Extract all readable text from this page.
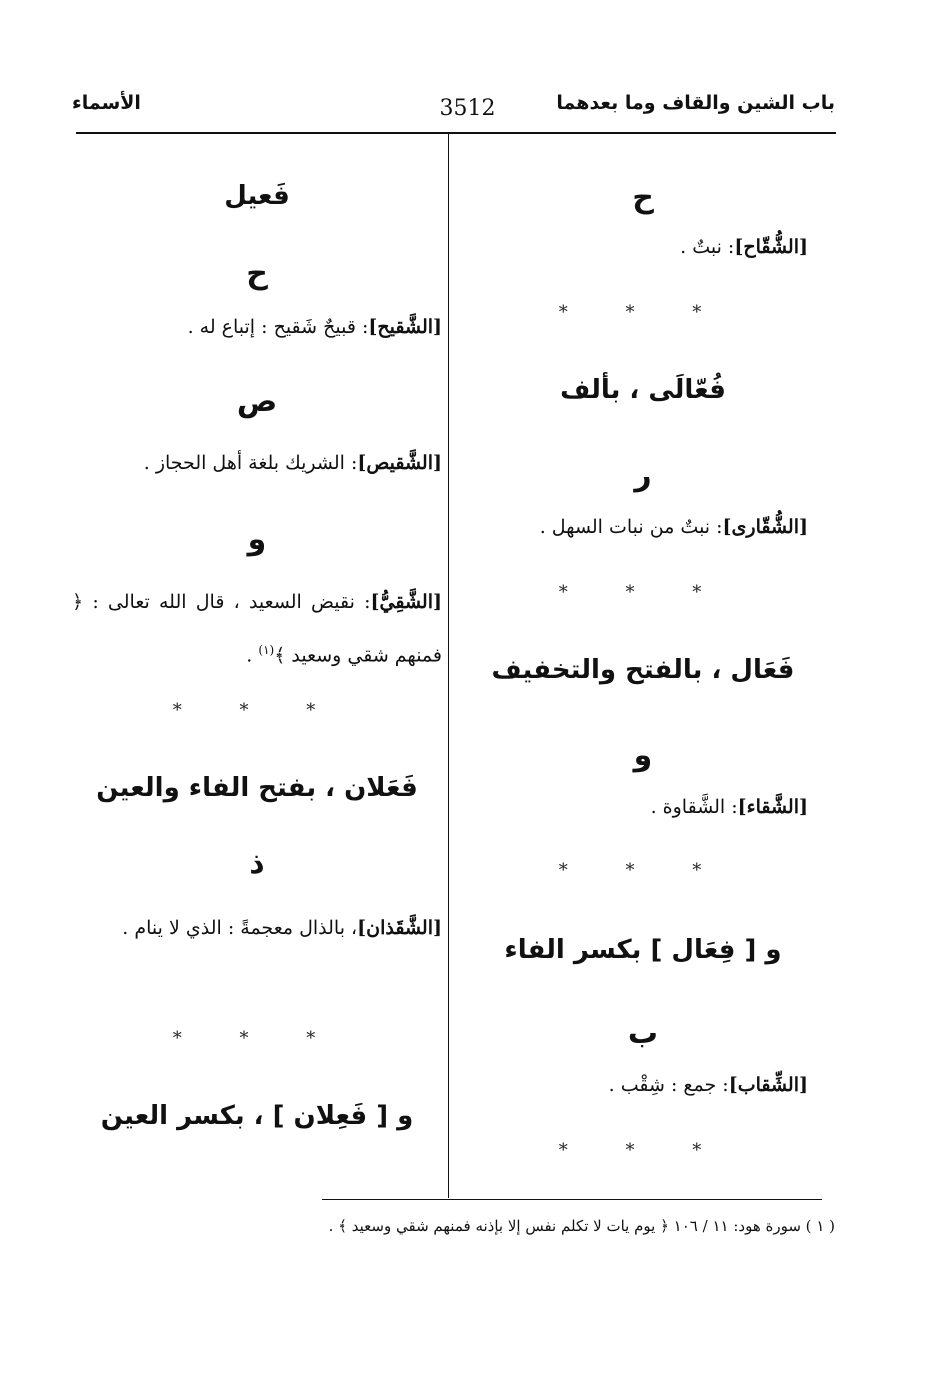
باب الشين والقاف وما بعدهما
3512
الأسماء
ح
[الشُّقّاح]: نبتٌ .
* * *
فُعّالَى ، بألف
ر
[الشُّقّارى]: نبتٌ من نبات السهل .
* * *
فَعَال ، بالفتح والتخفيف
و
[الشَّقاء]: الشَّقاوة .
* * *
و [ فِعَال ] بكسر الفاء
ب
[الشِّقاب]: جمع : شِقْب .
* * *
فَعيل
ح
[الشَّقيح]: قبيحٌ شَقيح : إتباع له .
ص
[الشَّقيص]: الشريك بلغة أهل الحجاز .
و
[الشَّقِيُّ]: نقيض السعيد ، قال الله تعالى : ﴿ فمنهم شقي وسعيد ﴾$^{(١)}$ .
* * *
فَعَلان ، بفتح الفاء والعين
ذ
[الشَّقَذان]، بالذال معجمةً : الذي لا ينام .
* * *
و [ فَعِلان ] ، بكسر العين
( ١ ) سورة هود: ١١ / ١٠٦ ﴿ يوم يات لا تكلم نفس إلا بإذنه فمنهم شقي وسعيد ﴾ .
